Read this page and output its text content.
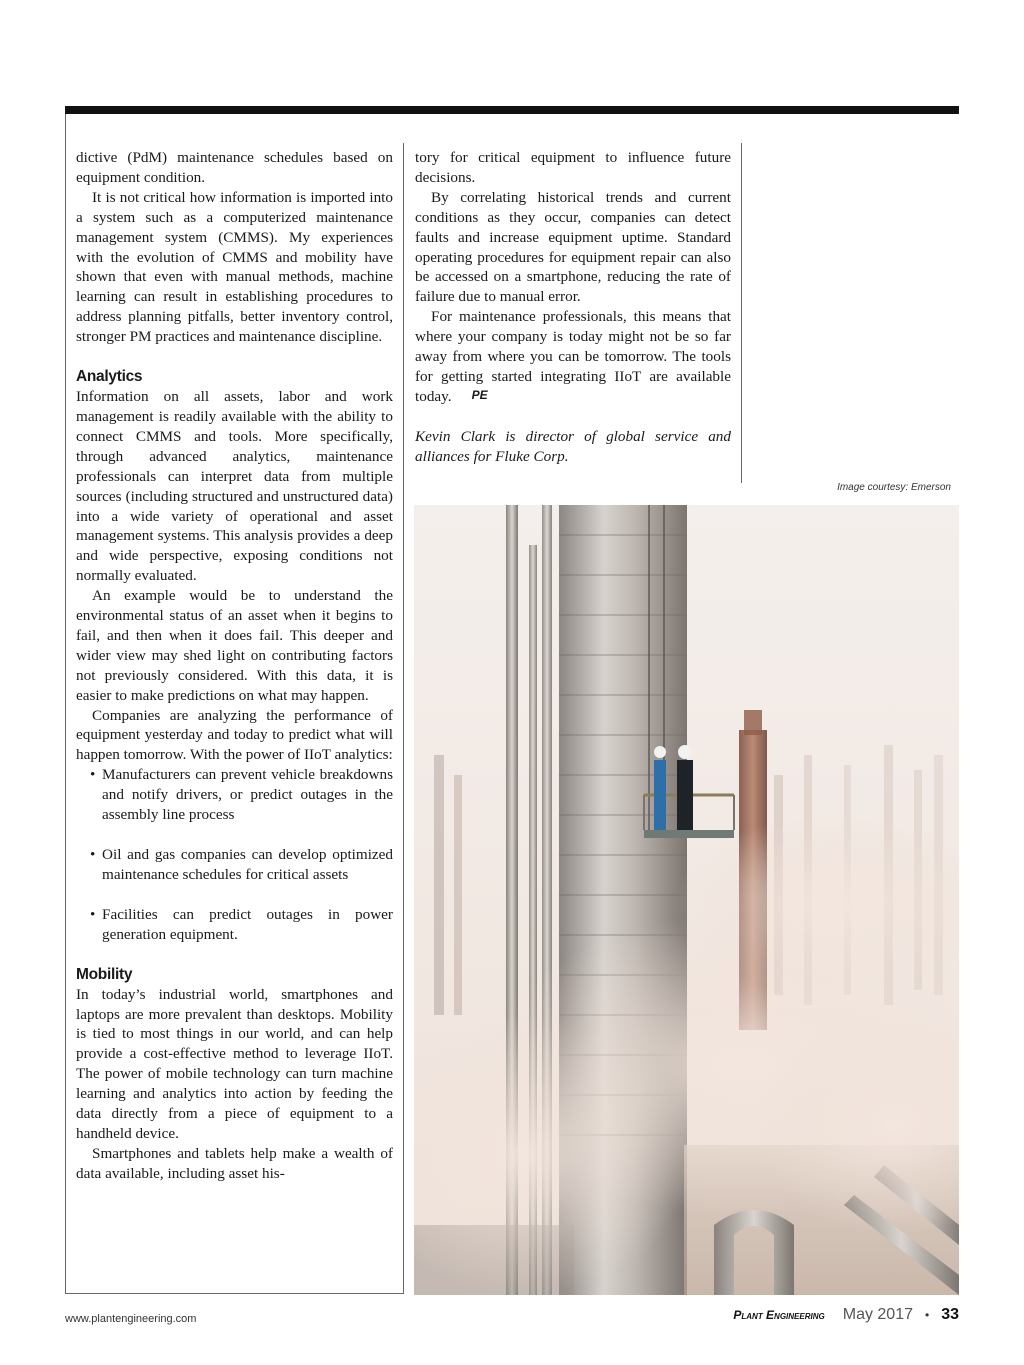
dictive (PdM) maintenance schedules based on equipment condition.

It is not critical how information is imported into a system such as a computerized maintenance management system (CMMS). My experiences with the evolution of CMMS and mobility have shown that even with manual methods, machine learning can result in establishing procedures to address planning pitfalls, better inventory control, stronger PM practices and maintenance discipline.

Analytics

Information on all assets, labor and work management is readily available with the ability to connect CMMS and tools. More specifically, through advanced analytics, maintenance professionals can interpret data from multiple sources (including structured and unstructured data) into a wide variety of operational and asset management systems. This analysis provides a deep and wide perspective, exposing conditions not normally evaluated.

An example would be to understand the environmental status of an asset when it begins to fail, and then when it does fail. This deeper and wider view may shed light on contributing factors not previously considered. With this data, it is easier to make predictions on what may happen.

Companies are analyzing the performance of equipment yesterday and today to predict what will happen tomorrow. With the power of IIoT analytics:

• Manufacturers can prevent vehicle breakdowns and notify drivers, or predict outages in the assembly line process
• Oil and gas companies can develop optimized maintenance schedules for critical assets
• Facilities can predict outages in power generation equipment.
Mobility

In today’s industrial world, smartphones and laptops are more prevalent than desktops. Mobility is tied to most things in our world, and can help provide a cost-effective method to leverage IIoT. The power of mobile technology can turn machine learning and analytics into action by feeding the data directly from a piece of equipment to a handheld device.

Smartphones and tablets help make a wealth of data available, including asset his-

tory for critical equipment to influence future decisions.

By correlating historical trends and current conditions as they occur, companies can detect faults and increase equipment uptime. Standard operating procedures for equipment repair can also be accessed on a smartphone, reducing the rate of failure due to manual error.

For maintenance professionals, this means that where your company is today might not be so far away from where you can be tomorrow. The tools for getting started integrating IIoT are available today. PE

Kevin Clark is director of global service and alliances for Fluke Corp.

Image courtesy: Emerson
www.plantengineering.com	Plant Engineering May 2017 • 33
